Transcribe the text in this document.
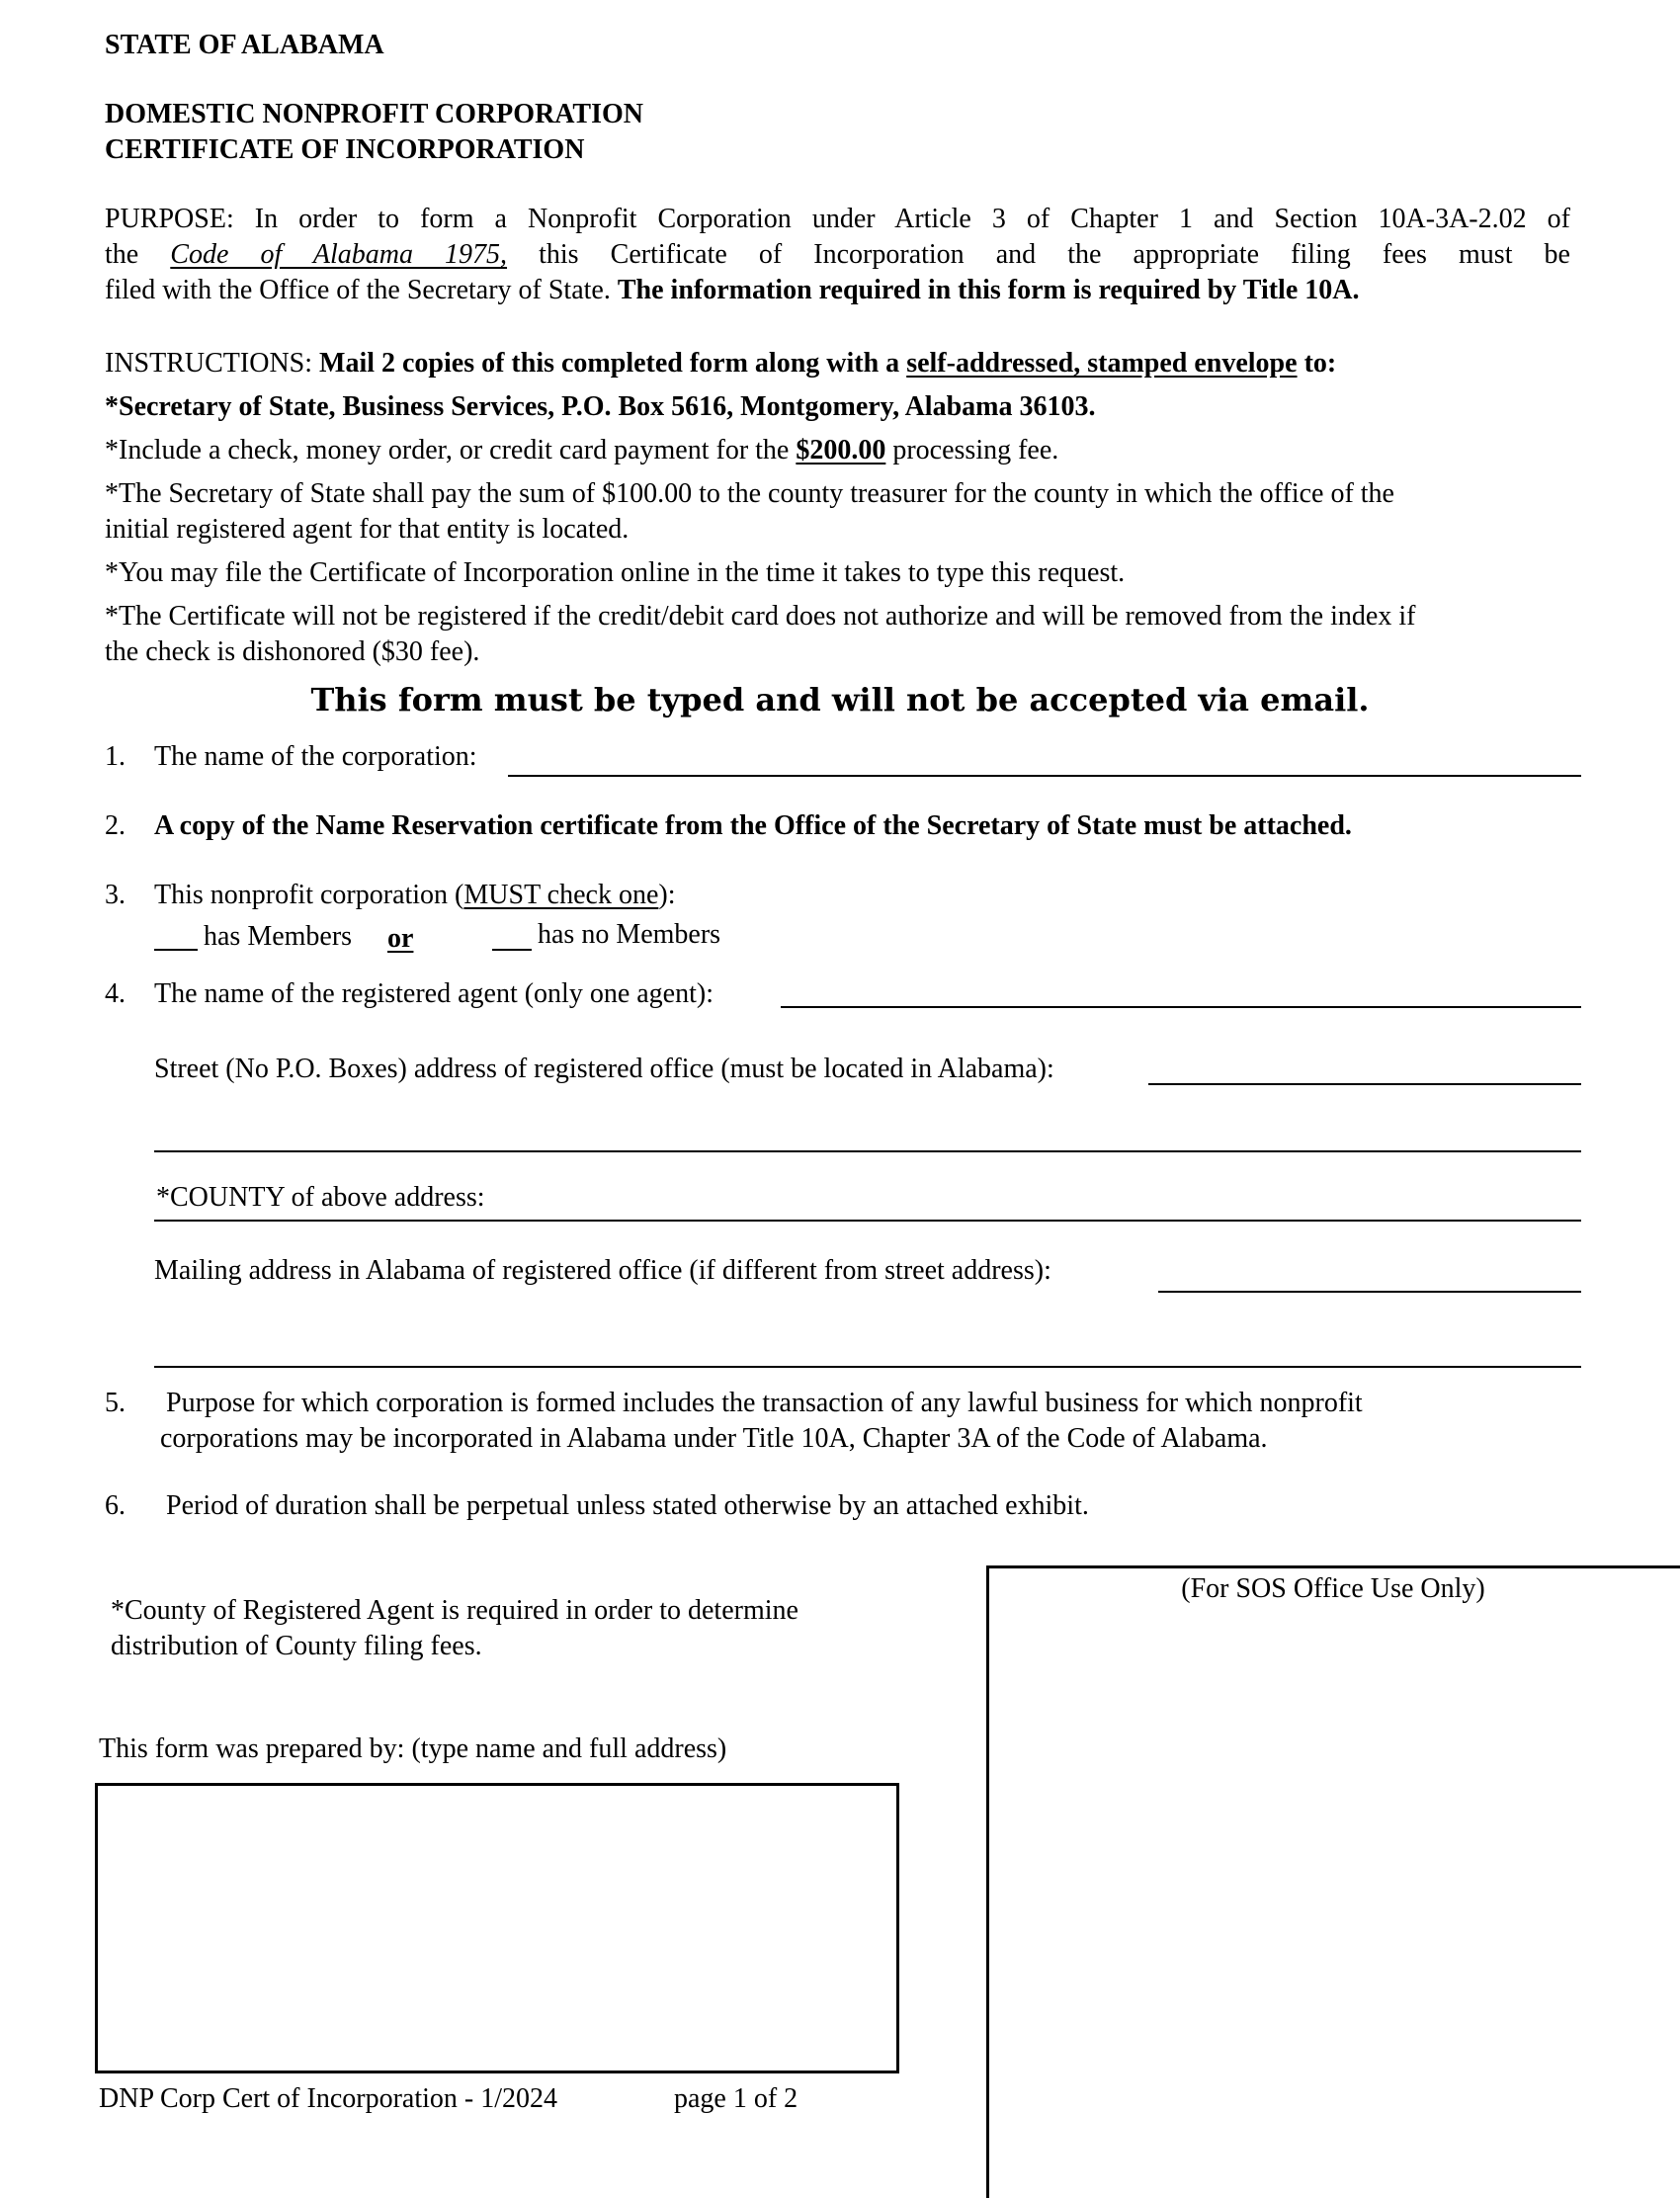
STATE OF ALABAMA
DOMESTIC NONPROFIT CORPORATION
CERTIFICATE OF INCORPORATION
PURPOSE: In order to form a Nonprofit Corporation under Article 3 of Chapter 1 and Section 10A-3A-2.02 of
the Code of Alabama 1975, this Certificate of Incorporation and the appropriate filing fees must be
filed with the Office of the Secretary of State. The information required in this form is required by Title 10A.
INSTRUCTIONS: Mail 2 copies of this completed form along with a self-addressed, stamped envelope to:
*Secretary of State, Business Services, P.O. Box 5616, Montgomery, Alabama 36103.
*Include a check, money order, or credit card payment for the $200.00 processing fee.
*The Secretary of State shall pay the sum of $100.00 to the county treasurer for the county in which the office of the
initial registered agent for that entity is located.
*You may file the Certificate of Incorporation online in the time it takes to type this request.
*The Certificate will not be registered if the credit/debit card does not authorize and will be removed from the index if
the check is dishonored ($30 fee).
This form must be typed and will not be accepted via email.
1. The name of the corporation:
2. A copy of the Name Reservation certificate from the Office of the Secretary of State must be attached.
3. This nonprofit corporation (MUST check one):
has Members or	has no Members
4. The name of the registered agent (only one agent):
Street (No P.O. Boxes) address of registered office (must be located in Alabama):
*COUNTY of above address:
Mailing address in Alabama of registered office (if different from street address):
5. Purpose for which corporation is formed includes the transaction of any lawful business for which nonprofit
corporations may be incorporated in Alabama under Title 10A, Chapter 3A of the Code of Alabama.
6. Period of duration shall be perpetual unless stated otherwise by an attached exhibit.
*County of Registered Agent is required in order to determine
distribution of County filing fees.
This form was prepared by: (type name and full address)
(For SOS Office Use Only)
DNP Corp Cert of Incorporation - 1/2024	page 1 of 2
